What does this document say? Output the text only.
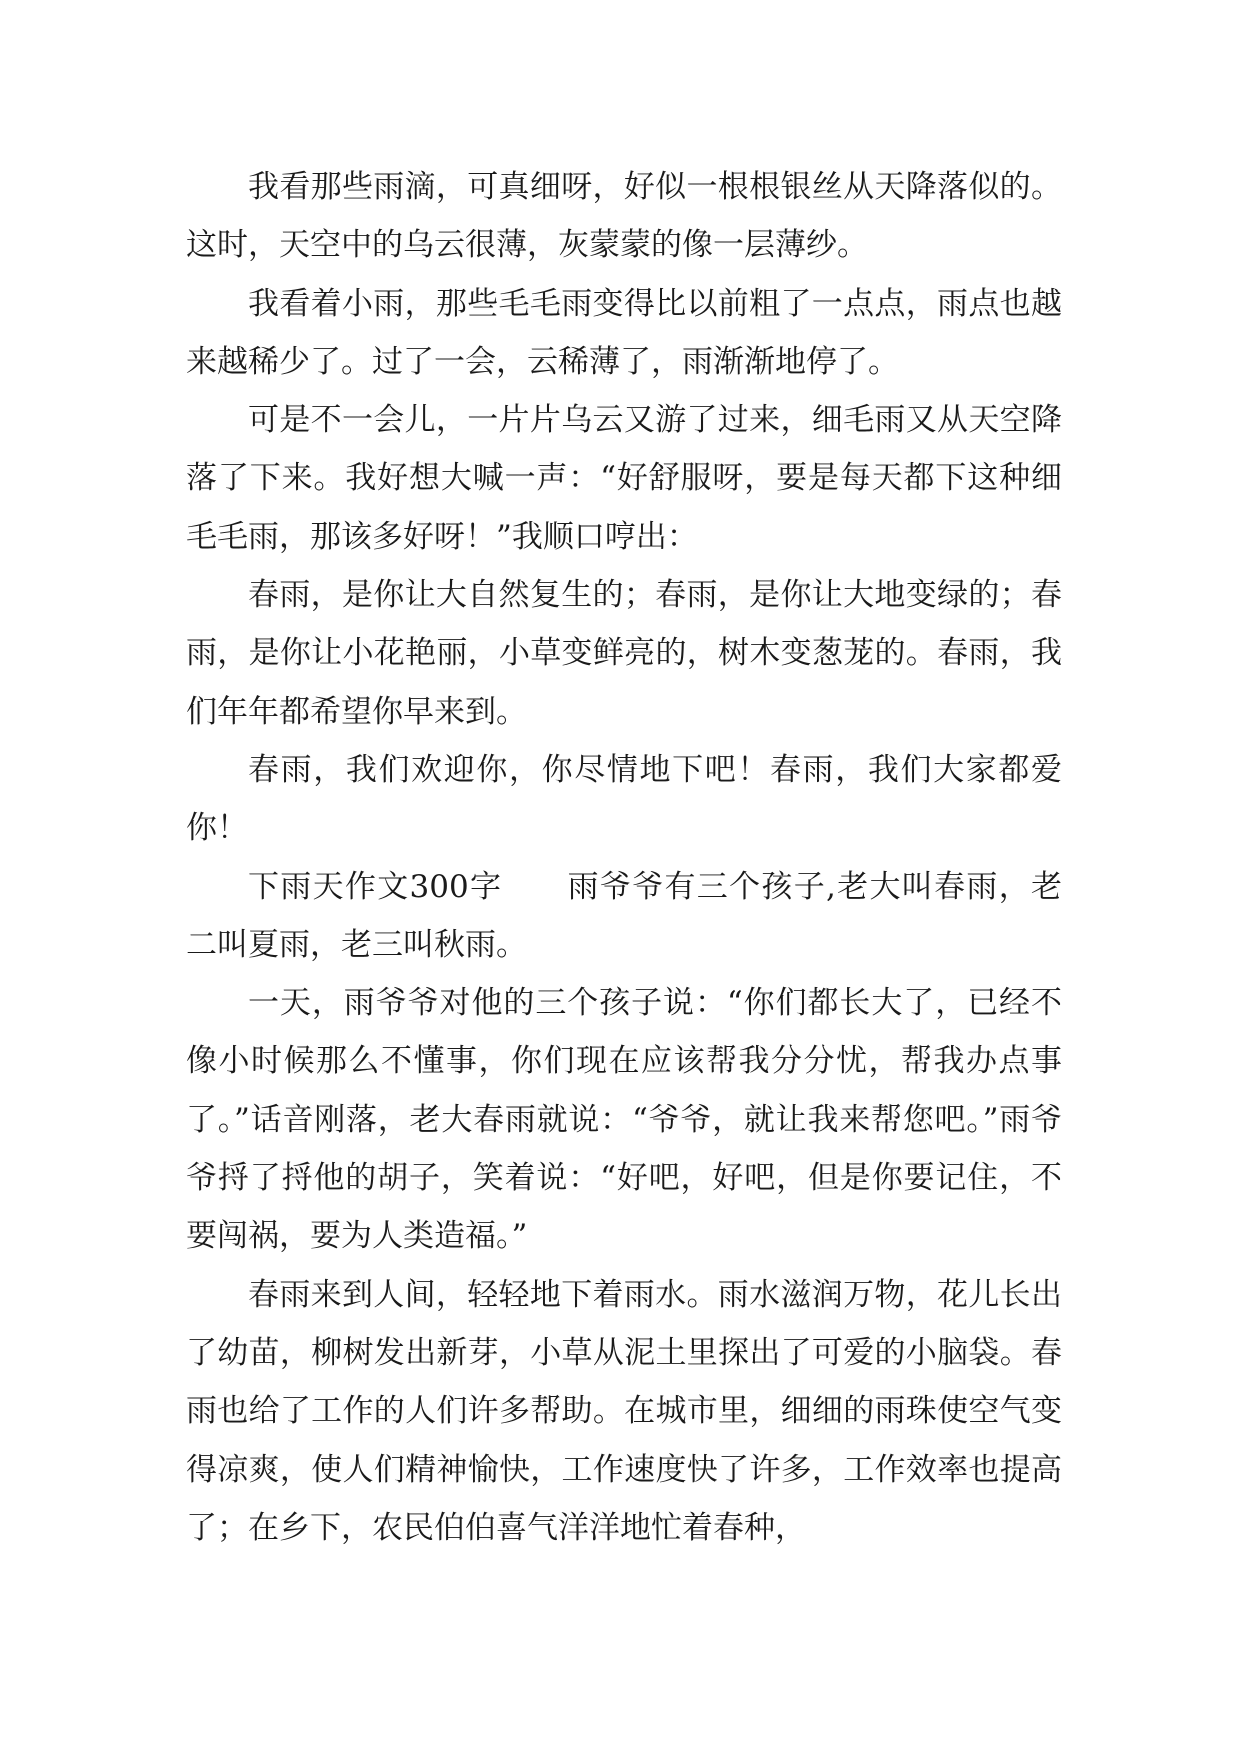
我看那些雨滴，可真细呀，好似一根根银丝从天降落似的。这时，天空中的乌云很薄，灰蒙蒙的像一层薄纱。

我看着小雨，那些毛毛雨变得比以前粗了一点点，雨点也越来越稀少了。过了一会，云稀薄了，雨渐渐地停了。

可是不一会儿，一片片乌云又游了过来，细毛雨又从天空降落了下来。我好想大喊一声：“好舒服呀，要是每天都下这种细毛毛雨，那该多好呀！”我顺口哼出：

春雨，是你让大自然复生的；春雨，是你让大地变绿的；春雨，是你让小花艳丽，小草变鲜亮的，树木变葱茏的。春雨，我们年年都希望你早来到。

春雨，我们欢迎你，你尽情地下吧！春雨，我们大家都爱你！

下雨天作文300字 雨爷爷有三个孩子,老大叫春雨，老二叫夏雨，老三叫秋雨。

一天，雨爷爷对他的三个孩子说：“你们都长大了，已经不像小时候那么不懂事，你们现在应该帮我分分忧，帮我办点事了。”话音刚落，老大春雨就说：“爷爷，就让我来帮您吧。”雨爷爷捋了捋他的胡子，笑着说：“好吧，好吧，但是你要记住，不要闯祸，要为人类造福。”

春雨来到人间，轻轻地下着雨水。雨水滋润万物，花儿长出了幼苗，柳树发出新芽，小草从泥土里探出了可爱的小脑袋。春雨也给了工作的人们许多帮助。在城市里，细细的雨珠使空气变得凉爽，使人们精神愉快，工作速度快了许多，工作效率也提高了；在乡下，农民伯伯喜气洋洋地忙着春种，
